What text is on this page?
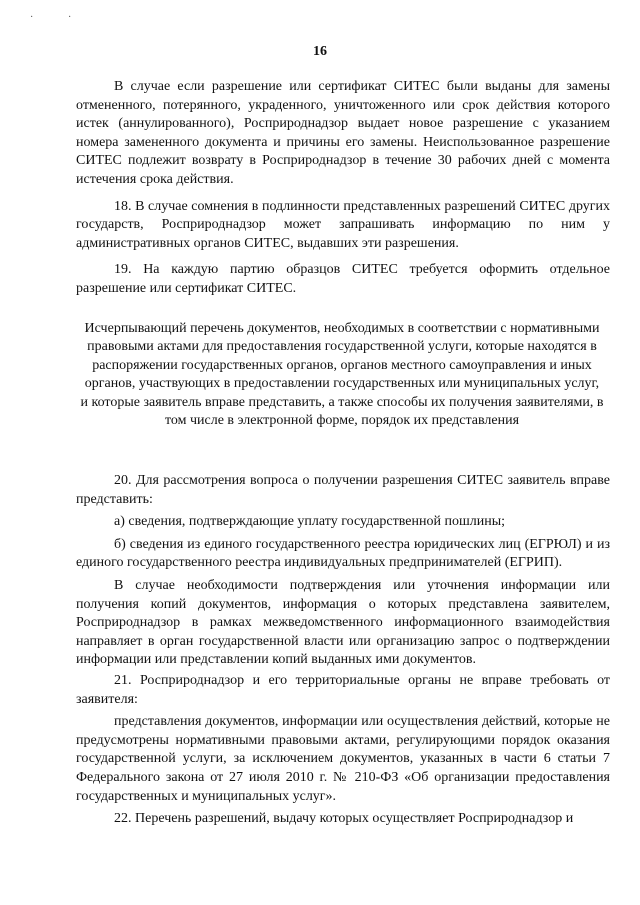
·	·
16

В случае если разрешение или сертификат СИТЕС были выданы для замены отмененного, потерянного, украденного, уничтоженного или срок действия которого истек (аннулированного), Росприроднадзор выдает новое разрешение с указанием номера замененного документа и причины его замены. Неиспользованное разрешение СИТЕС подлежит возврату в Росприроднадзор в течение 30 рабочих дней с момента истечения срока действия.

18. В случае сомнения в подлинности представленных разрешений СИТЕС других государств, Росприроднадзор может запрашивать информацию по ним у административных органов СИТЕС, выдавших эти разрешения.

19. На каждую партию образцов СИТЕС требуется оформить отдельное разрешение или сертификат СИТЕС.

Исчерпывающий перечень документов, необходимых в соответствии с нормативными правовыми актами для предоставления государственной услуги, которые находятся в распоряжении государственных органов, органов местного самоуправления и иных органов, участвующих в предоставлении государственных или муниципальных услуг, и которые заявитель вправе представить, а также способы их получения заявителями, в том числе в электронной форме, порядок их представления

20. Для рассмотрения вопроса о получении разрешения СИТЕС заявитель вправе представить:

а) сведения, подтверждающие уплату государственной пошлины;

б) сведения из единого государственного реестра юридических лиц (ЕГРЮЛ) и из единого государственного реестра индивидуальных предпринимателей (ЕГРИП).

В случае необходимости подтверждения или уточнения информации или получения копий документов, информация о которых представлена заявителем, Росприроднадзор в рамках межведомственного информационного взаимодействия направляет в орган государственной власти или организацию запрос о подтверждении информации или представлении копий выданных ими документов.

21. Росприроднадзор и его территориальные органы не вправе требовать от заявителя:

представления документов, информации или осуществления действий, которые не предусмотрены нормативными правовыми актами, регулирующими порядок оказания государственной услуги, за исключением документов, указанных в части 6 статьи 7 Федерального закона от 27 июля 2010 г. № 210-ФЗ «Об организации предоставления государственных и муниципальных услуг».

22. Перечень разрешений, выдачу которых осуществляет Росприроднадзор и
